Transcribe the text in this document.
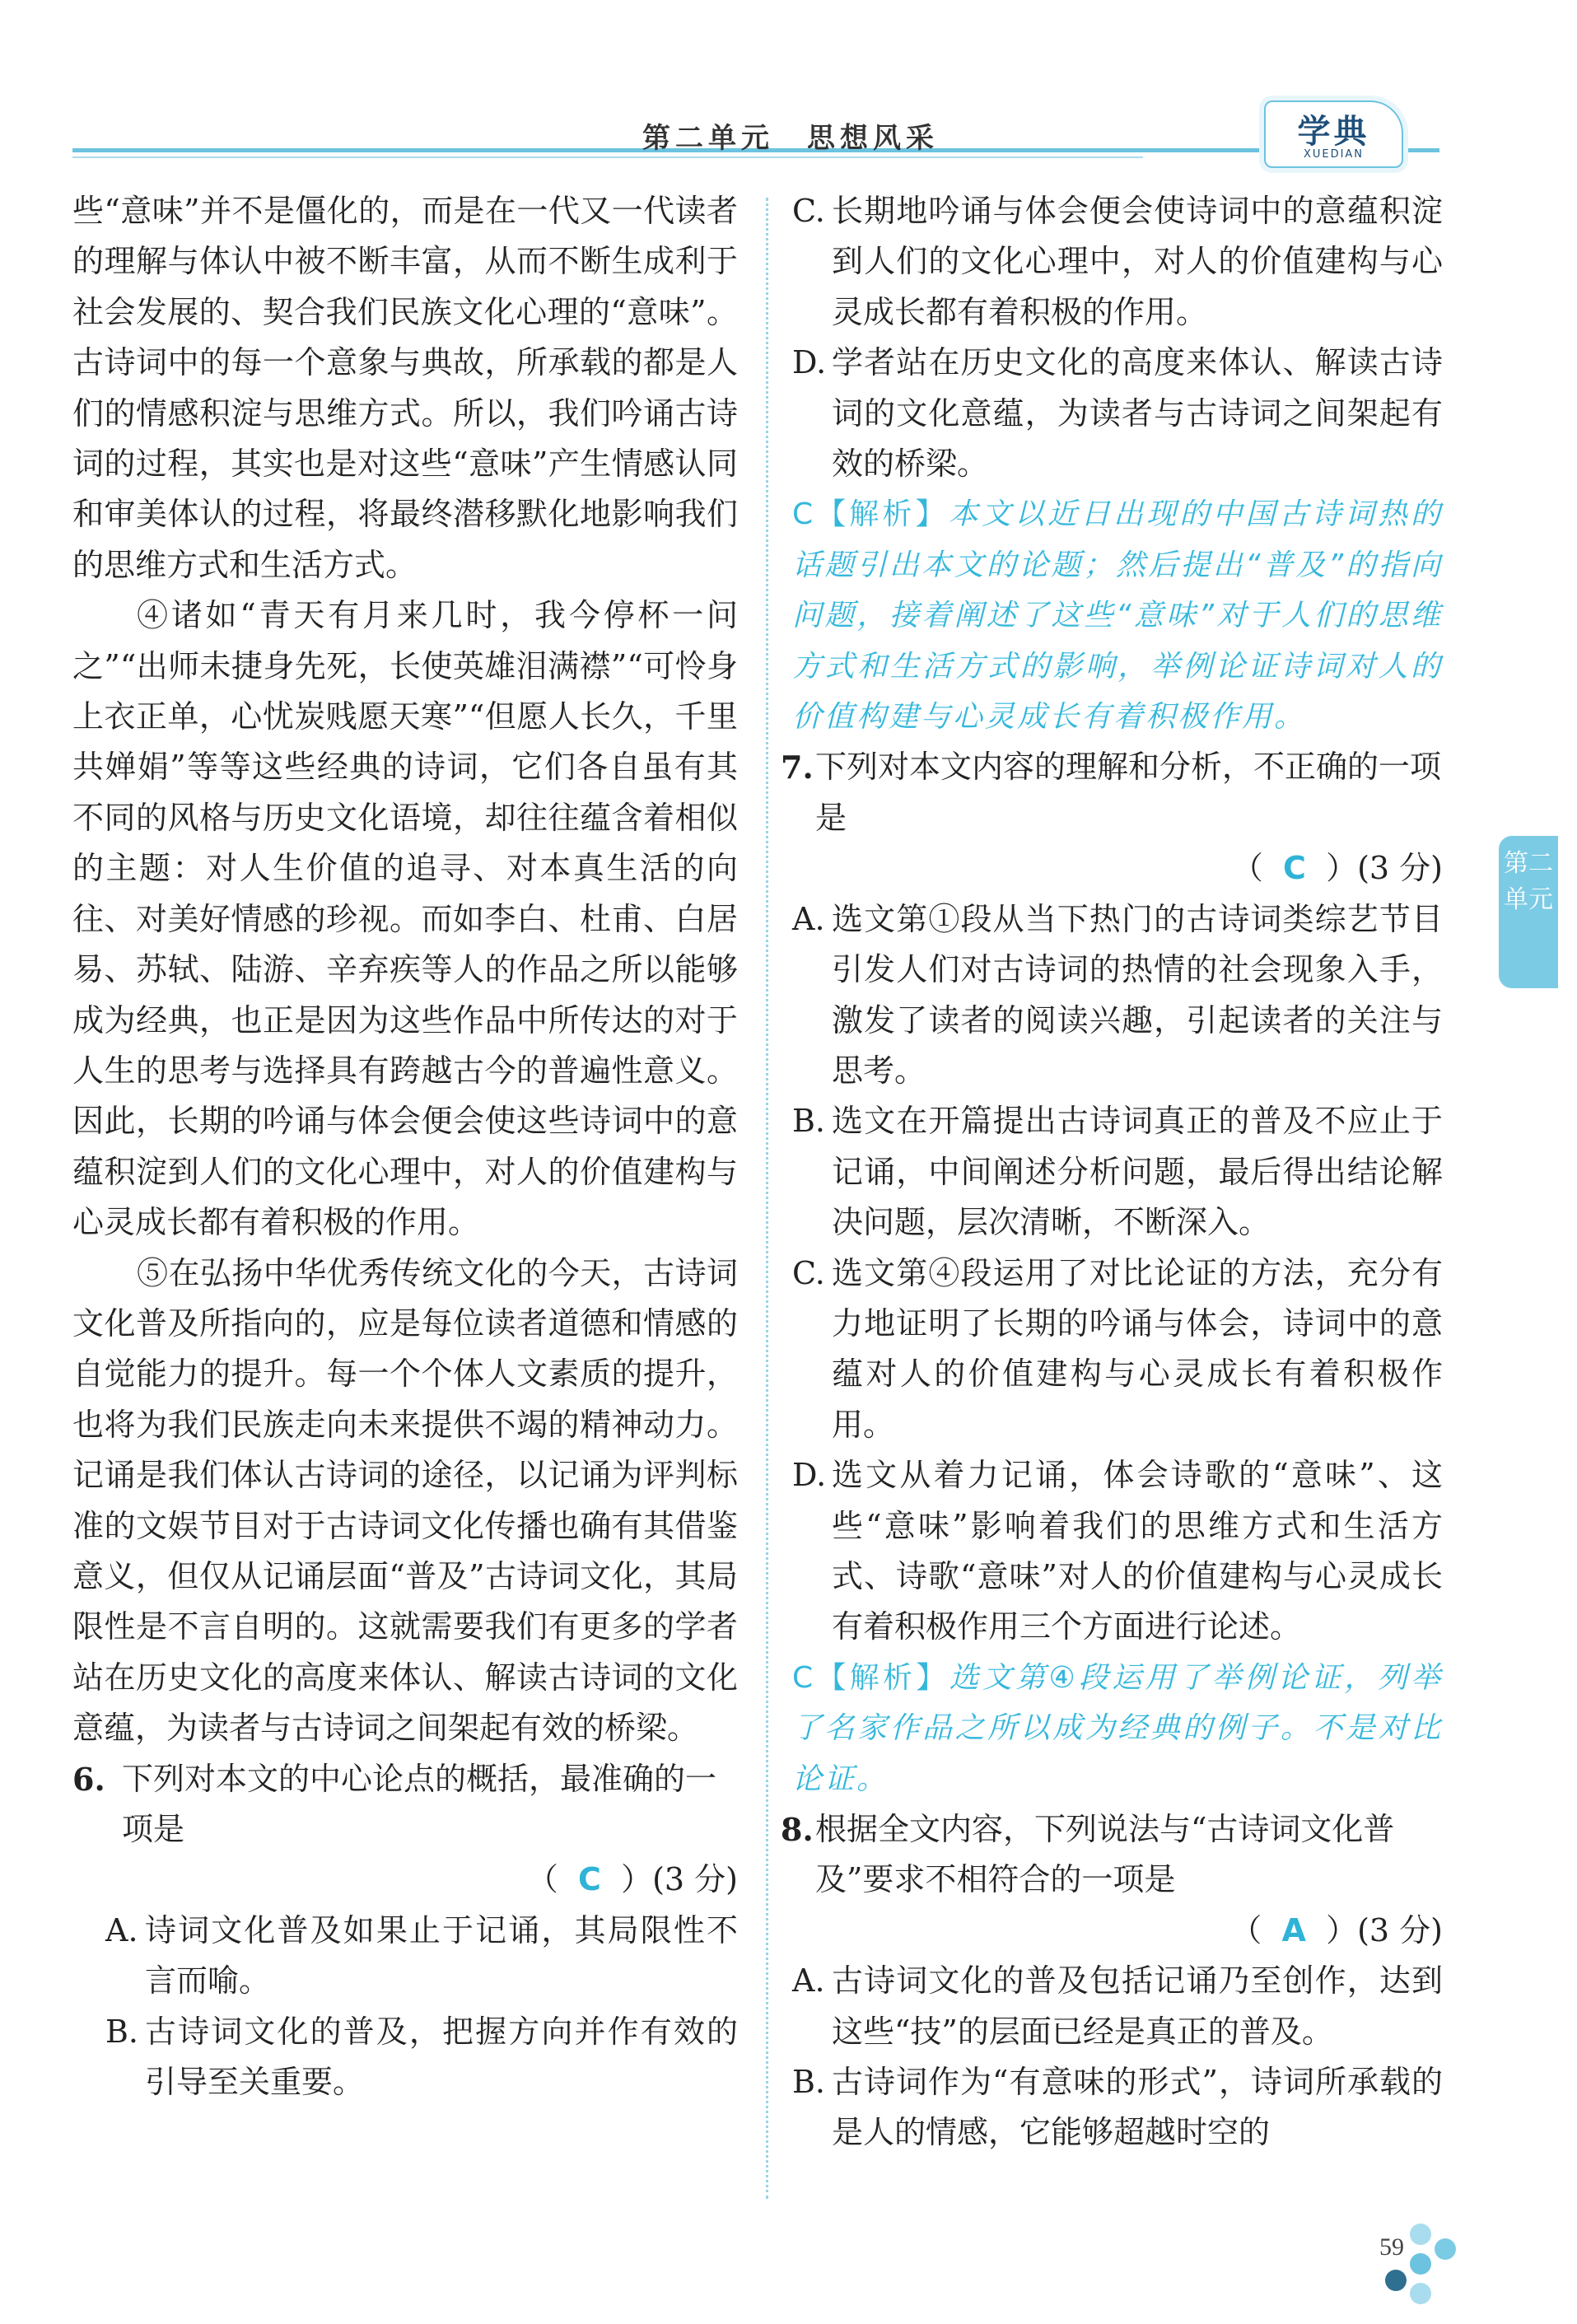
第二单元　思想风采	学典
XUEDIAN
第二单元

些“意味”并不是僵化的，而是在一代又一代读者的理解与体认中被不断丰富，从而不断生成利于社会发展的、契合我们民族文化心理的“意味”。古诗词中的每一个意象与典故，所承载的都是人们的情感积淀与思维方式。所以，我们吟诵古诗词的过程，其实也是对这些“意味”产生情感认同和审美体认的过程，将最终潜移默化地影响我们的思维方式和生活方式。

④诸如“青天有月来几时，我今停杯一问之”“出师未捷身先死，长使英雄泪满襟”“可怜身上衣正单，心忧炭贱愿天寒”“但愿人长久，千里共婵娟”等等这些经典的诗词，它们各自虽有其不同的风格与历史文化语境，却往往蕴含着相似的主题：对人生价值的追寻、对本真生活的向往、对美好情感的珍视。而如李白、杜甫、白居易、苏轼、陆游、辛弃疾等人的作品之所以能够成为经典，也正是因为这些作品中所传达的对于人生的思考与选择具有跨越古今的普遍性意义。因此，长期的吟诵与体会便会使这些诗词中的意蕴积淀到人们的文化心理中，对人的价值建构与心灵成长都有着积极的作用。

⑤在弘扬中华优秀传统文化的今天，古诗词文化普及所指向的，应是每位读者道德和情感的自觉能力的提升。每一个个体人文素质的提升，也将为我们民族走向未来提供不竭的精神动力。记诵是我们体认古诗词的途径，以记诵为评判标准的文娱节目对于古诗词文化传播也确有其借鉴意义，但仅从记诵层面“普及”古诗词文化，其局限性是不言自明的。这就需要我们有更多的学者站在历史文化的高度来体认、解读古诗词的文化意蕴，为读者与古诗词之间架起有效的桥梁。

6. 下列对本文的中心论点的概括，最准确的一项是

（ C ）(3 分)

A. 诗词文化普及如果止于记诵，其局限性不言而喻。

B. 古诗词文化的普及，把握方向并作有效的引导至关重要。

C. 长期地吟诵与体会便会使诗词中的意蕴积淀到人们的文化心理中，对人的价值建构与心灵成长都有着积极的作用。

D. 学者站在历史文化的高度来体认、解读古诗词的文化意蕴，为读者与古诗词之间架起有效的桥梁。

C【解析】本文以近日出现的中国古诗词热的话题引出本文的论题；然后提出“普及”的指向问题，接着阐述了这些“意味”对于人们的思维方式和生活方式的影响，举例论证诗词对人的价值构建与心灵成长有着积极作用。

7. 下列对本文内容的理解和分析，不正确的一项是

（ C ）(3 分)

A. 选文第①段从当下热门的古诗词类综艺节目引发人们对古诗词的热情的社会现象入手，激发了读者的阅读兴趣，引起读者的关注与思考。

B. 选文在开篇提出古诗词真正的普及不应止于记诵，中间阐述分析问题，最后得出结论解决问题，层次清晰，不断深入。

C. 选文第④段运用了对比论证的方法，充分有力地证明了长期的吟诵与体会，诗词中的意蕴对人的价值建构与心灵成长有着积极作用。

D. 选文从着力记诵，体会诗歌的“意味”、这些“意味”影响着我们的思维方式和生活方式、诗歌“意味”对人的价值建构与心灵成长有着积极作用三个方面进行论述。

C【解析】选文第④段运用了举例论证，列举了名家作品之所以成为经典的例子。不是对比论证。

8. 根据全文内容，下列说法与“古诗词文化普及”要求不相符合的一项是

（ A ）(3 分)

A. 古诗词文化的普及包括记诵乃至创作，达到这些“技”的层面已经是真正的普及。

B. 古诗词作为“有意味的形式”，诗词所承载的是人的情感，它能够超越时空的

59
